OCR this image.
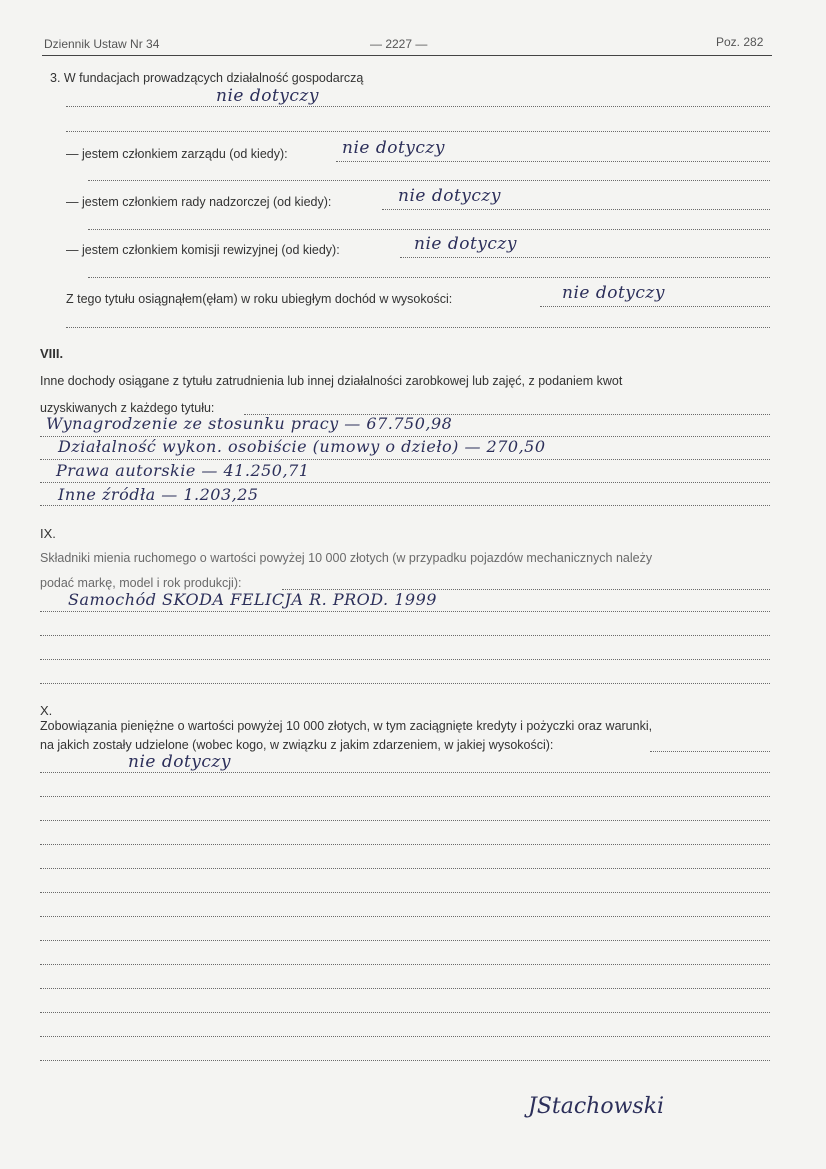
Dziennik Ustaw Nr 34	— 2227 —	Poz. 282
3. W fundacjach prowadzących działalność gospodarczą
nie dotyczy
— jestem członkiem zarządu (od kiedy):	nie dotyczy
— jestem członkiem rady nadzorczej (od kiedy):	nie dotyczy
— jestem członkiem komisji rewizyjnej (od kiedy):	nie dotyczy
Z tego tytułu osiągnąłem(ęłam) w roku ubiegłym dochód w wysokości:	nie dotyczy
VIII.
Inne dochody osiągane z tytułu zatrudnienia lub innej działalności zarobkowej lub zajęć, z podaniem kwot
uzyskiwanych z każdego tytułu:
Wynagrodzenie ze stosunku pracy — 67.750,98
Działalność wykon. osobiście (umowy o dzieło) — 270,50
Prawa autorskie — 41.250,71
Inne źródła — 1.203,25
IX.
Składniki mienia ruchomego o wartości powyżej 10 000 złotych (w przypadku pojazdów mechanicznych należy
podać markę, model i rok produkcji):
Samochód SKODA FELICJA R. PROD. 1999
X.
Zobowiązania pieniężne o wartości powyżej 10 000 złotych, w tym zaciągnięte kredyty i pożyczki oraz warunki,
na jakich zostały udzielone (wobec kogo, w związku z jakim zdarzeniem, w jakiej wysokości):
nie dotyczy
JStachowski
